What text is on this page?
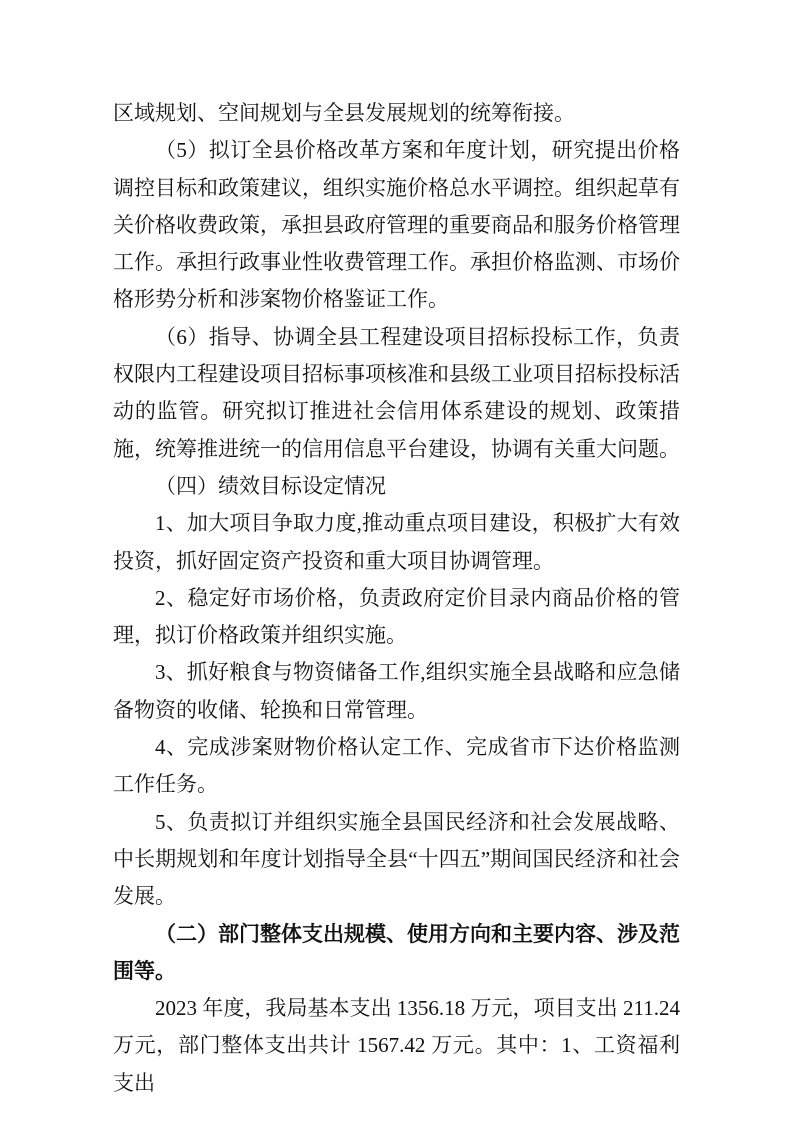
区域规划、空间规划与全县发展规划的统筹衔接。

（5）拟订全县价格改革方案和年度计划，研究提出价格调控目标和政策建议，组织实施价格总水平调控。组织起草有关价格收费政策，承担县政府管理的重要商品和服务价格管理工作。承担行政事业性收费管理工作。承担价格监测、市场价格形势分析和涉案物价格鉴证工作。

（6）指导、协调全县工程建设项目招标投标工作，负责权限内工程建设项目招标事项核准和县级工业项目招标投标活动的监管。研究拟订推进社会信用体系建设的规划、政策措施，统筹推进统一的信用信息平台建设，协调有关重大问题。

（四）绩效目标设定情况

1、加大项目争取力度,推动重点项目建设，积极扩大有效投资，抓好固定资产投资和重大项目协调管理。

2、稳定好市场价格，负责政府定价目录内商品价格的管理，拟订价格政策并组织实施。

3、抓好粮食与物资储备工作,组织实施全县战略和应急储备物资的收储、轮换和日常管理。

4、完成涉案财物价格认定工作、完成省市下达价格监测工作任务。

5、负责拟订并组织实施全县国民经济和社会发展战略、中长期规划和年度计划指导全县“十四五”期间国民经济和社会发展。

（二）部门整体支出规模、使用方向和主要内容、涉及范围等。

2023 年度，我局基本支出 1356.18 万元，项目支出 211.24 万元，部门整体支出共计 1567.42 万元。其中：1、工资福利支出
